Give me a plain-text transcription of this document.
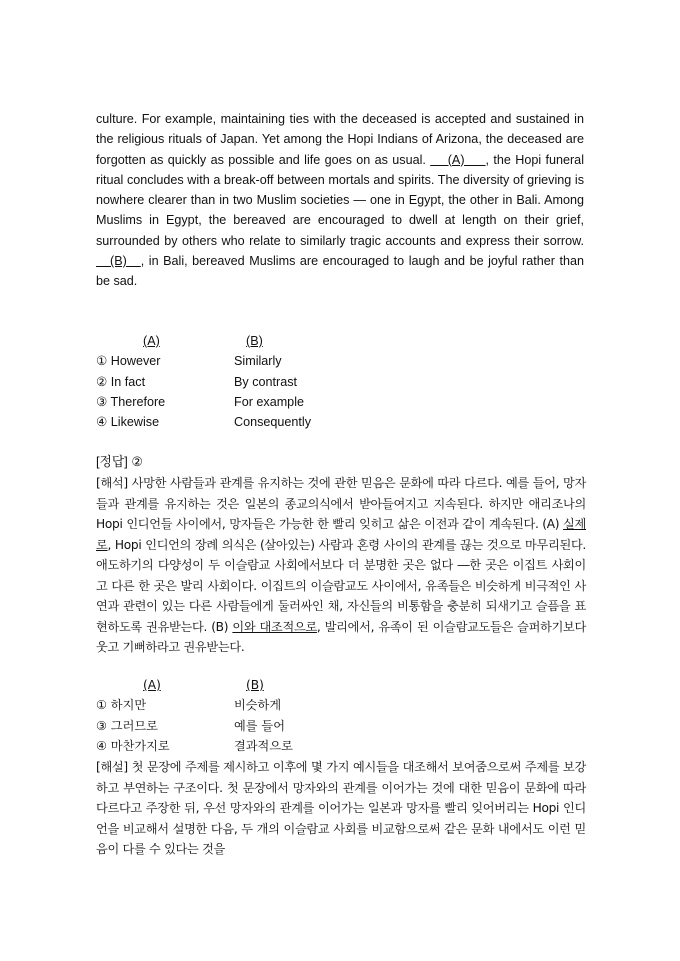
culture. For example, maintaining ties with the deceased is accepted and sustained in the religious rituals of Japan. Yet among the Hopi Indians of Arizona, the deceased are forgotten as quickly as possible and life goes on as usual.      (A)      , the Hopi funeral ritual concludes with a break-off between mortals and spirits. The diversity of grieving is nowhere clearer than in two Muslim societies — one in Egypt, the other in Bali. Among Muslims in Egypt, the bereaved are encouraged to dwell at length on their grief, surrounded by others who relate to similarly tragic accounts and express their sorrow.     (B)    , in Bali, bereaved Muslims are encouraged to laugh and be joyful rather than be sad.

(A)	(B)
① However	Similarly
② In fact	By contrast
③ Therefore	For example
④ Likewise	Consequently
[정답] ②
[해석] 사망한 사람들과 관계를 유지하는 것에 관한 믿음은 문화에 따라 다르다. 예를 들어, 망자들과 관계를 유지하는 것은 일본의 종교의식에서 받아들여지고 지속된다. 하지만 애리조나의 Hopi 인디언들 사이에서, 망자들은 가능한 한 빨리 잊히고 삶은 이전과 같이 계속된다. (A) 실제로, Hopi 인디언의 장례 의식은 (살아있는) 사람과 혼령 사이의 관계를 끊는 것으로 마무리된다. 애도하기의 다양성이 두 이슬람교 사회에서보다 더 분명한 곳은 없다 ―한 곳은 이집트 사회이고 다른 한 곳은 발리 사회이다. 이집트의 이슬람교도 사이에서, 유족들은 비슷하게 비극적인 사연과 관련이 있는 다른 사람들에게 둘러싸인 채, 자신들의 비통함을 충분히 되새기고 슬픔을 표현하도록 권유받는다. (B) 이와 대조적으로, 발리에서, 유족이 된 이슬람교도들은 슬퍼하기보다 웃고 기뻐하라고 권유받는다.
(A)	(B)
① 하지만	비슷하게
③ 그러므로	예를 들어
④ 마찬가지로	결과적으로
[해설] 첫 문장에 주제를 제시하고 이후에 몇 가지 예시들을 대조해서 보여줌으로써 주제를 보강하고 부연하는 구조이다. 첫 문장에서 망자와의 관계를 이어가는 것에 대한 믿음이 문화에 따라 다르다고 주장한 뒤, 우선 망자와의 관계를 이어가는 일본과 망자를 빨리 잊어버리는 Hopi 인디언을 비교해서 설명한 다음, 두 개의 이슬람교 사회를 비교함으로써 같은 문화 내에서도 이런 믿음이 다를 수 있다는 것을
